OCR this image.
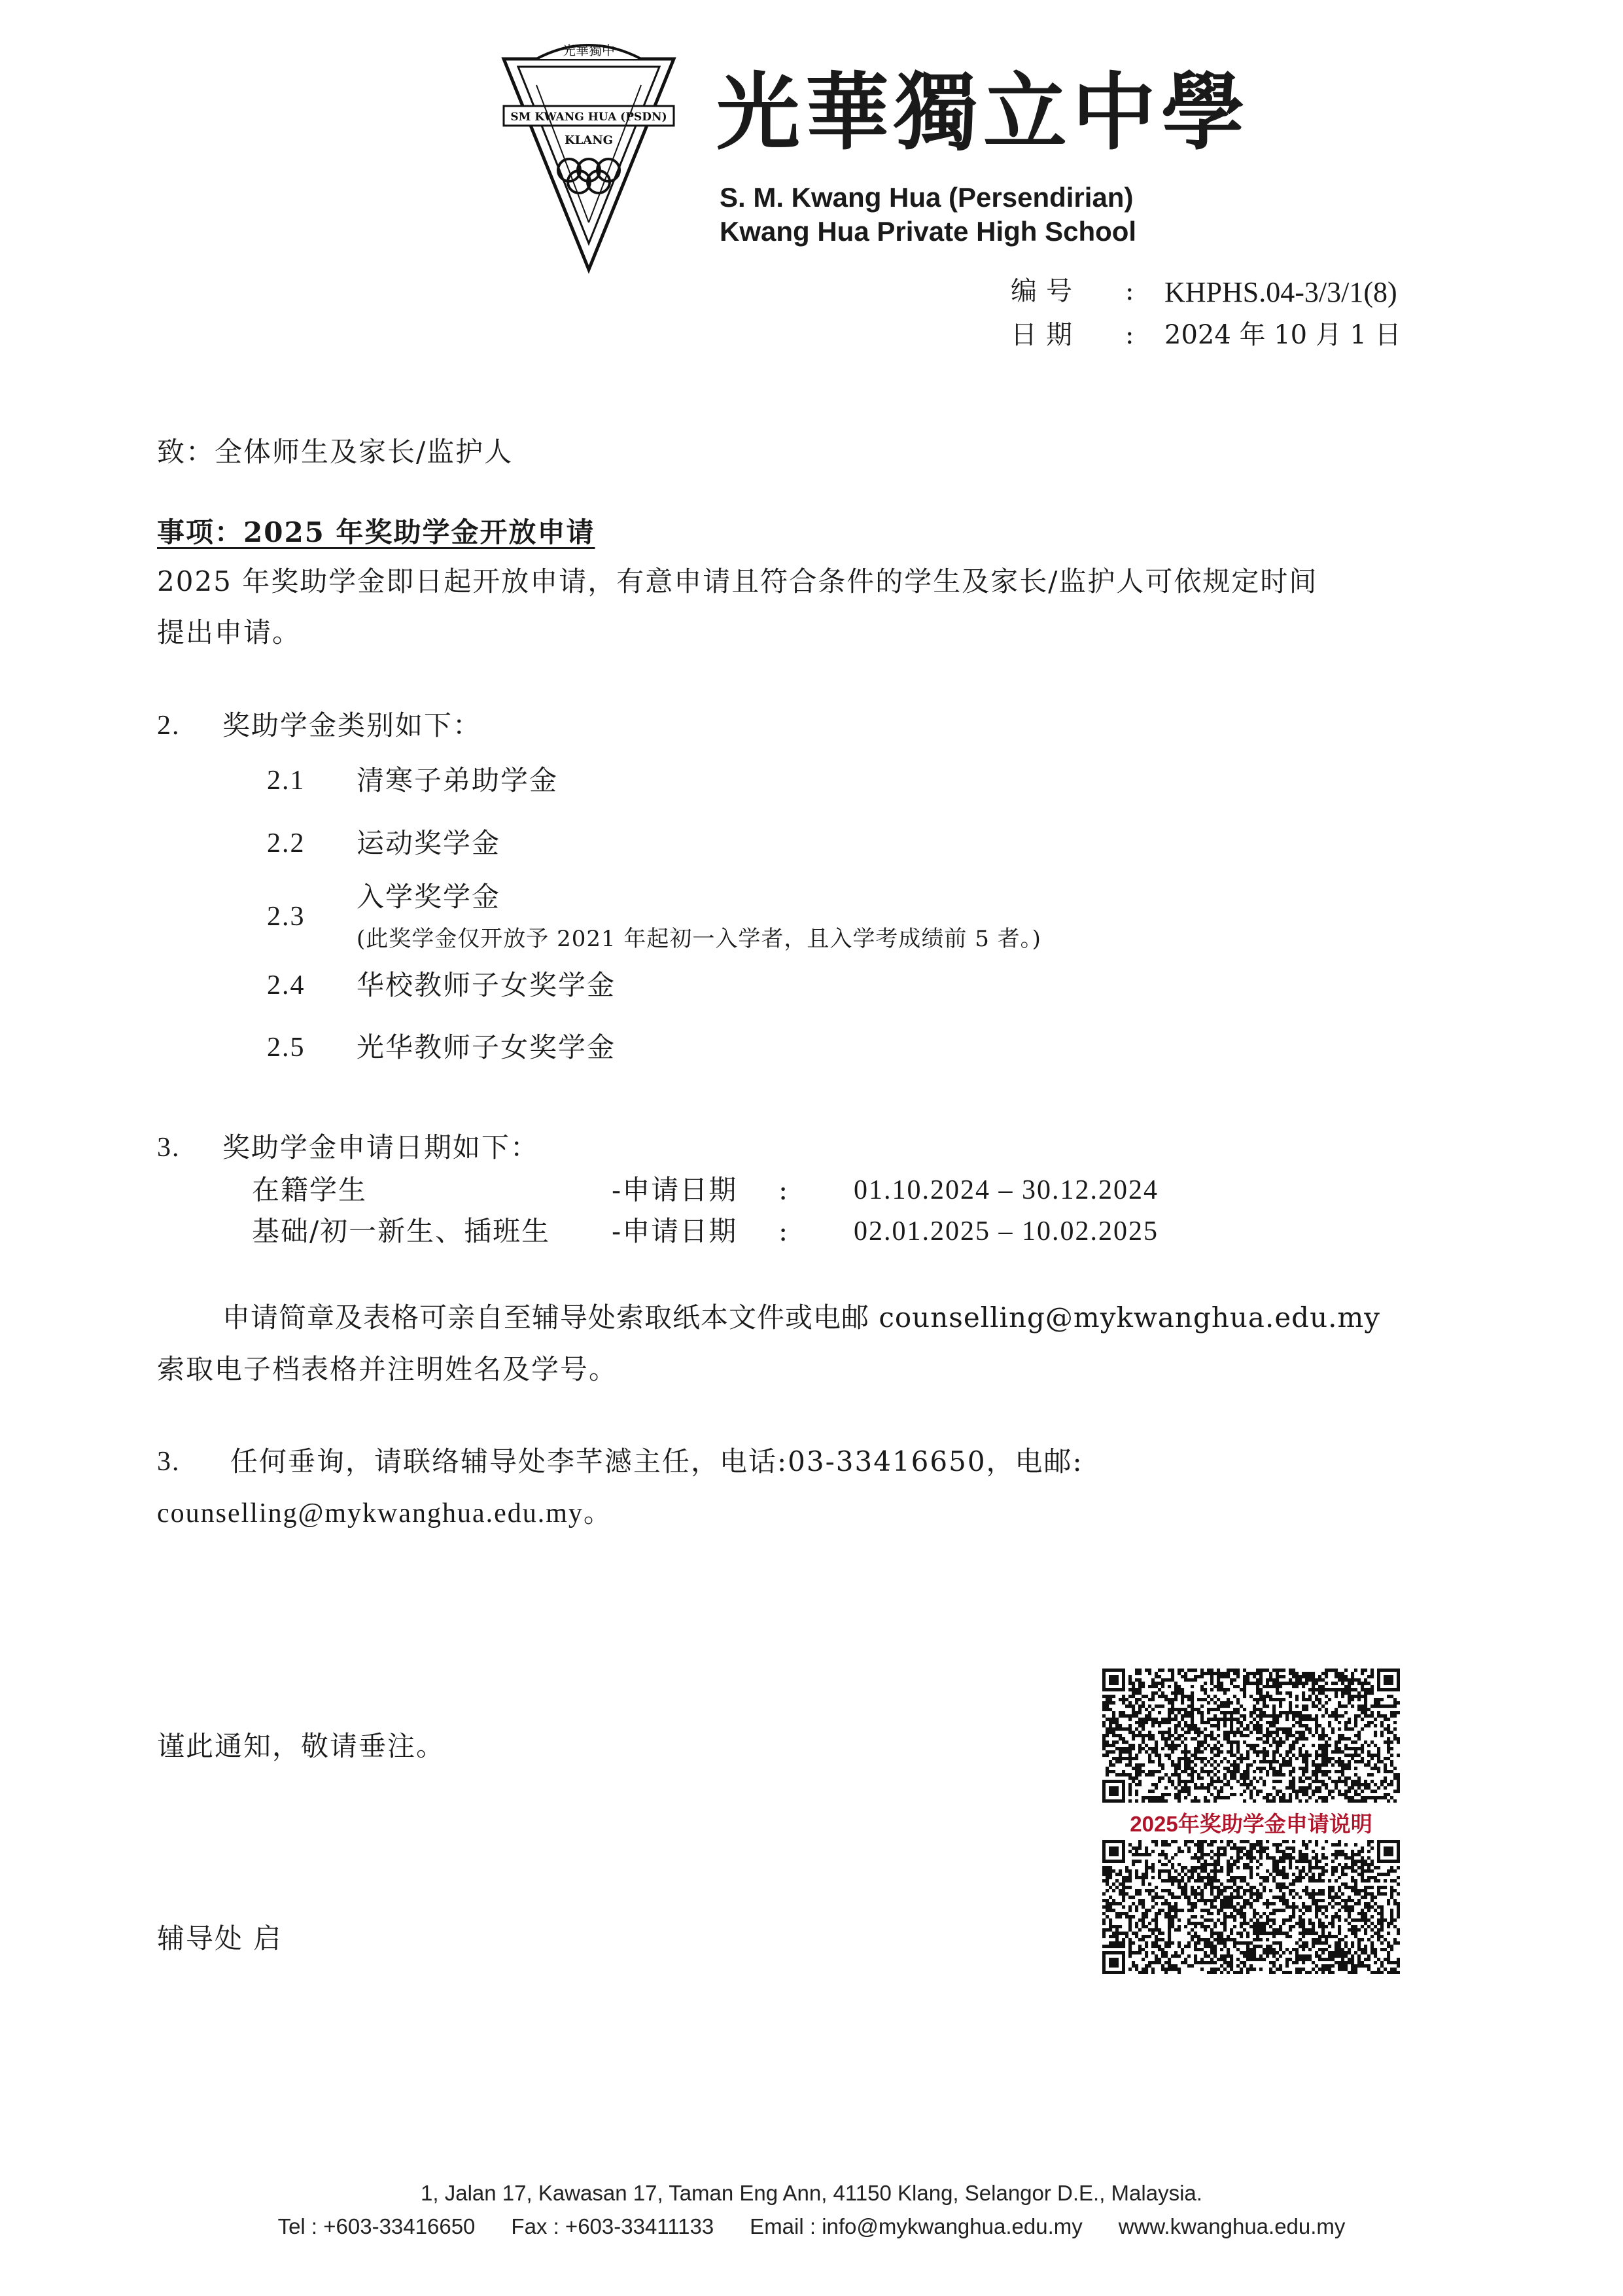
光華獨中
SM KWANG HUA (PSDN)
KLANG 光華獨立中學
S. M. Kwang Hua (Persendirian)
Kwang Hua Private High School
编号 : KHPHS.04-3/3/1(8)
日期 : 2024 年 10 月 1 日
致：全体师生及家长/监护人
事项：2025 年奖助学金开放申请
2025 年奖助学金即日起开放申请，有意申请且符合条件的学生及家长/监护人可依规定时间
提出申请。
2. 奖助学金类别如下：
2.1 清寒子弟助学金
2.2 运动奖学金
2.3
入学奖学金
(此奖学金仅开放予 2021 年起初一入学者，且入学考成绩前 5 者。)
2.4 华校教师子女奖学金
2.5 光华教师子女奖学金
3. 奖助学金申请日期如下：
在籍学生	-申请日期 : 01.10.2024 – 30.12.2024
基础/初一新生、插班生 -申请日期 : 02.01.2025 – 10.02.2025
申请简章及表格可亲自至辅导处索取纸本文件或电邮 counselling@mykwanghua.edu.my
索取电子档表格并注明姓名及学号。
3. 任何垂询，请联络辅导处李芊澸主任，电话:03-33416650，电邮:
counselling@mykwanghua.edu.my。
谨此通知，敬请垂注。
辅导处 启
2025年奖助学金申请说明
1, Jalan 17, Kawasan 17, Taman Eng Ann, 41150 Klang, Selangor D.E., Malaysia.
Tel : +603-33416650      Fax : +603-33411133      Email : info@mykwanghua.edu.my      www.kwanghua.edu.my
